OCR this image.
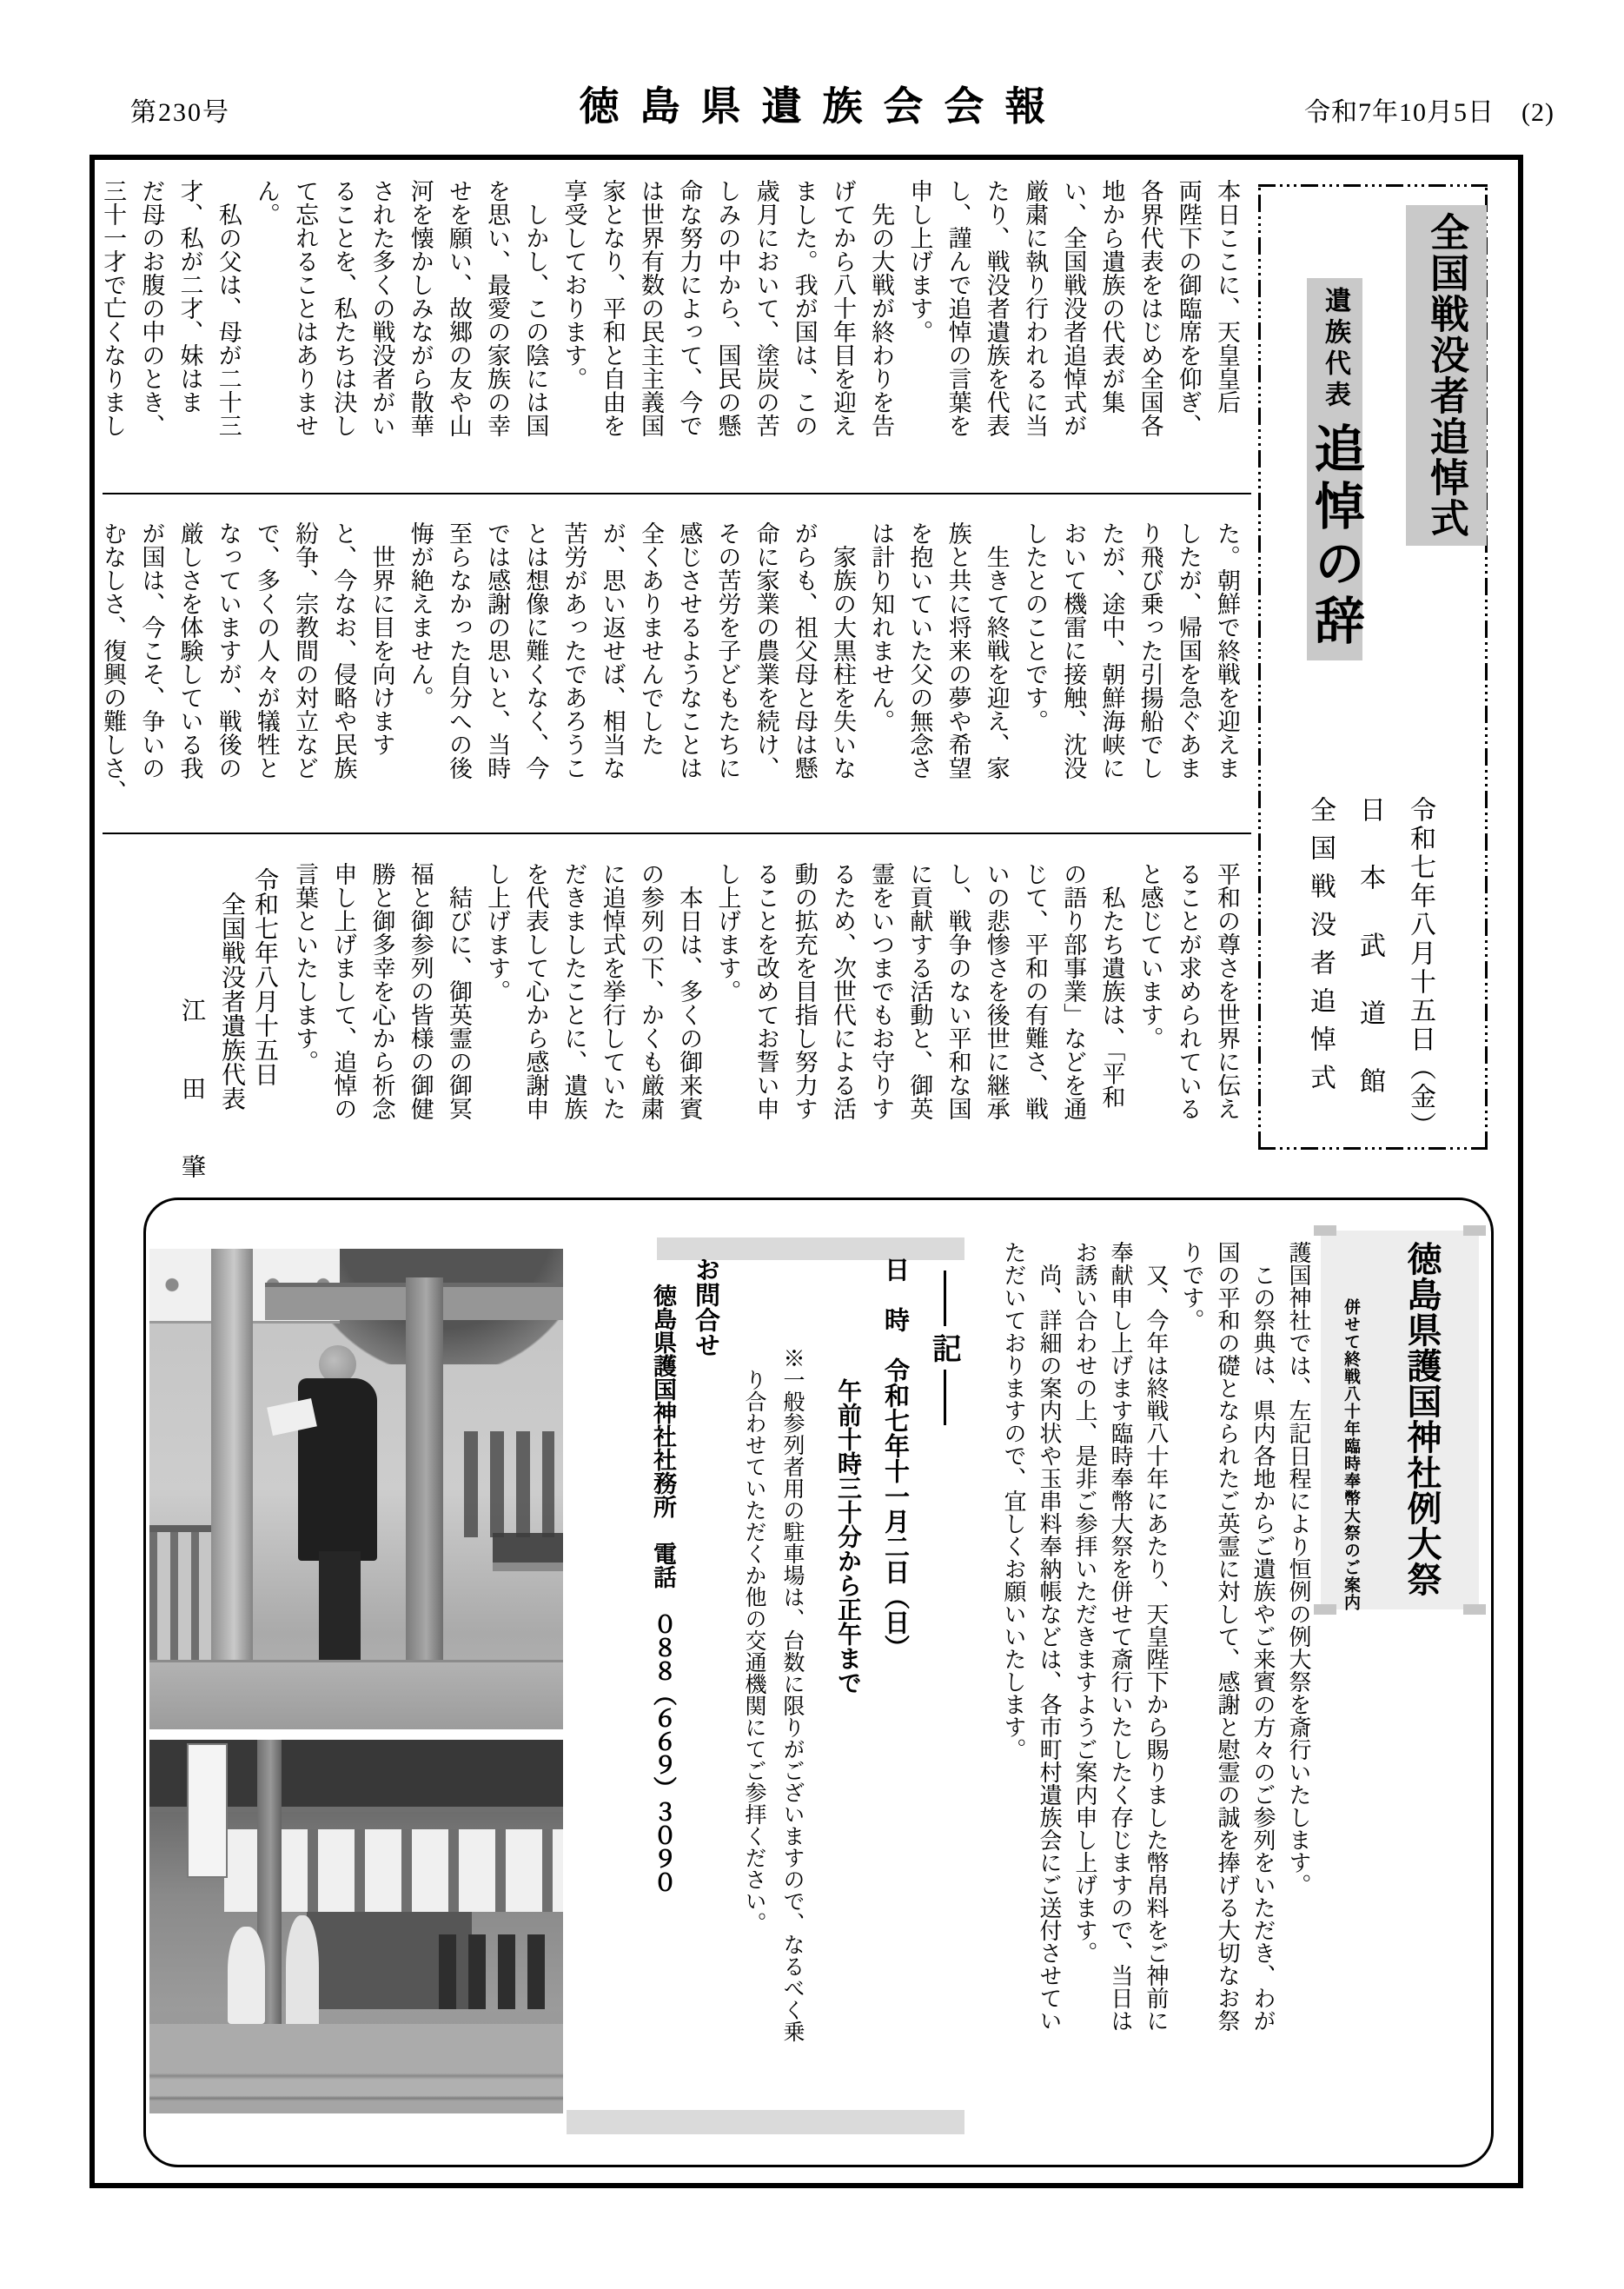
第230号	徳島県遺族会会報	令和7年10月5日　(2)

本日ここに、天皇皇后

両陛下の御臨席を仰ぎ、

各界代表をはじめ全国各

地から遺族の代表が集

い、全国戦没者追悼式が

厳粛に執り行われるに当

たり、戦没者遺族を代表

し、謹んで追悼の言葉を

申し上げます。

　先の大戦が終わりを告

げてから八十年目を迎え

ました。我が国は、この

歳月において、塗炭の苦

しみの中から、国民の懸

命な努力によって、今で

は世界有数の民主主義国

家となり、平和と自由を

享受しております。

　しかし、この陰には国

を思い、最愛の家族の幸

せを願い、故郷の友や山

河を懐かしみながら散華

された多くの戦没者がい

ることを、私たちは決し

て忘れることはありませ

ん。

　私の父は、母が二十三

才、私が二才、妹はま

だ母のお腹の中のとき、

三十一才で亡くなりまし

た。朝鮮で終戦を迎えま

したが、帰国を急ぐあま

り飛び乗った引揚船でし

たが、途中、朝鮮海峡に

おいて機雷に接触、沈没

したとのことです。

　生きて終戦を迎え、家

族と共に将来の夢や希望

を抱いていた父の無念さ

は計り知れません。

　家族の大黒柱を失いな

がらも、祖父母と母は懸

命に家業の農業を続け、

その苦労を子どもたちに

感じさせるようなことは

全くありませんでした

が、思い返せば、相当な

苦労があったであろうこ

とは想像に難くなく、今

では感謝の思いと、当時

至らなかった自分への後

悔が絶えません。

　世界に目を向けます

と、今なお、侵略や民族

紛争、宗教間の対立など

で、多くの人々が犠牲と

なっていますが、戦後の

厳しさを体験している我

が国は、今こそ、争いの

むなしさ、復興の難しさ、

平和の尊さを世界に伝え

ることが求められている

と感じています。

　私たち遺族は、「平和

の語り部事業」などを通

じて、平和の有難さ、戦

いの悲惨さを後世に継承

し、戦争のない平和な国

に貢献する活動と、御英

霊をいつまでもお守りす

るため、次世代による活

動の拡充を目指し努力す

ることを改めてお誓い申

し上げます。

　本日は、多くの御来賓

の参列の下、かくも厳粛

に追悼式を挙行していた

だきましたことに、遺族

を代表して心から感謝申

し上げます。

　結びに、御英霊の御冥

福と御参列の皆様の御健

勝と御多幸を心から祈念

申し上げまして、追悼の

言葉といたします。

令和七年八月十五日
　全国戦没者遺族代表
　　　　　江　　田　　肇
全国戦没者追悼式
遺族代表
追悼の辞
令和七年八月十五日（金）
日　本　武　道　館
全国戦没者追悼式
徳島県護国神社例大祭
併せて終戦八十年臨時奉幣大祭のご案内

護国神社では、左記日程により恒例の例大祭を斎行いたします。

　この祭典は、県内各地からご遺族やご来賓の方々のご参列をいただき、わが

国の平和の礎となられたご英霊に対して、感謝と慰霊の誠を捧げる大切なお祭

りです。

　又、今年は終戦八十年にあたり、天皇陛下から賜りました幣帛料をご神前に

奉献申し上げます臨時奉幣大祭を併せて斎行いたしたく存じますので、当日は

お誘い合わせの上、是非ご参拝いただきますようご案内申し上げます。

　尚、詳細の案内状や玉串料奉納帳などは、各市町村遺族会にご送付させてい

ただいておりますので、宜しくお願いいたします。

記
日　時　令和七年十一月二日（日）
　　　　　午前十時三十分から正午まで
　　　　※一般参列者用の駐車場は、台数に限りがございますので、なるべく乗
　　　　　り合わせていただくか他の交通機関にてご参拝ください。
お問合せ
　徳島県護国神社社務所　電話　０８８（６６９）３０９０
